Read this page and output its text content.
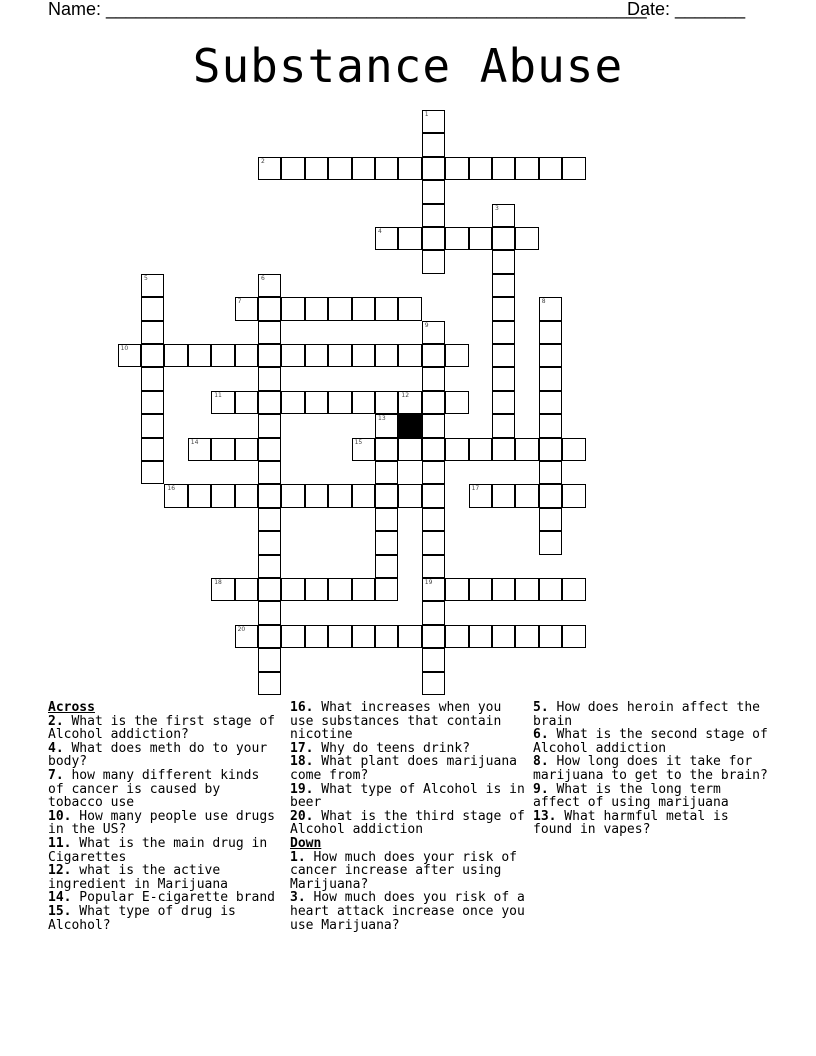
Name: ______________________________________________________
Date: _______
Substance Abuse
1
2
3
4
5	6
7	8
9
10
11	12
13
14	15
16	17
18	19
20
Across
2. What is the first stage of Alcohol addiction?
4. What does meth do to your body?
7. how many different kinds of cancer is caused by tobacco use
10. How many people use drugs in the US?
11. What is the main drug in Cigarettes
12. what is the active ingredient in Marijuana
14. Popular E-cigarette brand
15. What type of drug is Alcohol?
16. What increases when you use substances that contain nicotine
17. Why do teens drink?
18. What plant does marijuana come from?
19. What type of Alcohol is in beer
20. What is the third stage of Alcohol addiction
Down
1. How much does your risk of cancer increase after using Marijuana?
3. How much does you risk of a heart attack increase once you use Marijuana?
5. How does heroin affect the brain
6. What is the second stage of Alcohol addiction
8. How long does it take for marijuana to get to the brain?
9. What is the long term affect of using marijuana
13. What harmful metal is found in vapes?
